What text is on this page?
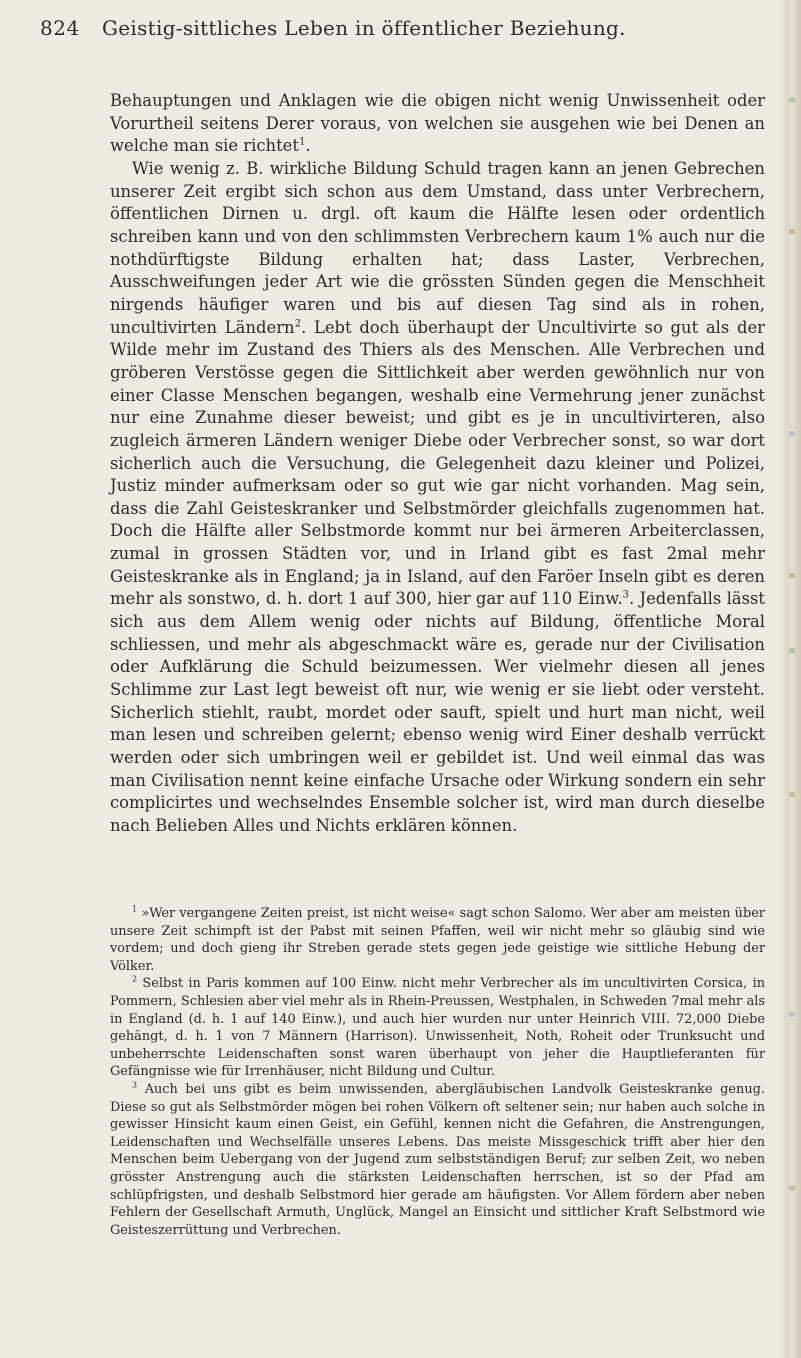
824 Geistig-sittliches Leben in öffentlicher Beziehung.

Behauptungen und Anklagen wie die obigen nicht wenig Unwissenheit oder Vorurtheil seitens Derer voraus, von welchen sie ausgehen wie bei Denen an welche man sie richtet$^1$.

Wie wenig z. B. wirkliche Bildung Schuld tragen kann an jenen Gebrechen unserer Zeit ergibt sich schon aus dem Umstand, dass unter Verbrechern, öffentlichen Dirnen u. drgl. oft kaum die Hälfte lesen oder ordentlich schreiben kann und von den schlimmsten Verbrechern kaum 1% auch nur die nothdürftigste Bildung erhalten hat; dass Laster, Verbrechen, Ausschweifungen jeder Art wie die grössten Sünden gegen die Menschheit nirgends häufiger waren und bis auf diesen Tag sind als in rohen, uncultivirten Ländern$^2$. Lebt doch überhaupt der Uncultivirte so gut als der Wilde mehr im Zustand des Thiers als des Menschen. Alle Verbrechen und gröberen Verstösse gegen die Sittlichkeit aber werden gewöhnlich nur von einer Classe Menschen begangen, weshalb eine Vermehrung jener zunächst nur eine Zunahme dieser beweist; und gibt es je in uncultivirteren, also zugleich ärmeren Ländern weniger Diebe oder Verbrecher sonst, so war dort sicherlich auch die Versuchung, die Gelegenheit dazu kleiner und Polizei, Justiz minder aufmerksam oder so gut wie gar nicht vorhanden. Mag sein, dass die Zahl Geisteskranker und Selbstmörder gleichfalls zugenommen hat. Doch die Hälfte aller Selbstmorde kommt nur bei ärmeren Arbeiterclassen, zumal in grossen Städten vor, und in Irland gibt es fast 2mal mehr Geisteskranke als in England; ja in Island, auf den Faröer Inseln gibt es deren mehr als sonstwo, d. h. dort 1 auf 300, hier gar auf 110 Einw.$^3$. Jedenfalls lässt sich aus dem Allem wenig oder nichts auf Bildung, öffentliche Moral schliessen, und mehr als abgeschmackt wäre es, gerade nur der Civilisation oder Aufklärung die Schuld beizumessen. Wer vielmehr diesen all jenes Schlimme zur Last legt beweist oft nur, wie wenig er sie liebt oder versteht. Sicherlich stiehlt, raubt, mordet oder sauft, spielt und hurt man nicht, weil man lesen und schreiben gelernt; ebenso wenig wird Einer deshalb verrückt werden oder sich umbringen weil er gebildet ist. Und weil einmal das was man Civilisation nennt keine einfache Ursache oder Wirkung sondern ein sehr complicirtes und wechselndes Ensemble solcher ist, wird man durch dieselbe nach Belieben Alles und Nichts erklären können.

$^1$ »Wer vergangene Zeiten preist, ist nicht weise« sagt schon Salomo. Wer aber am meisten über unsere Zeit schimpft ist der Pabst mit seinen Pfaffen, weil wir nicht mehr so gläubig sind wie vordem; und doch gieng ihr Streben gerade stets gegen jede geistige wie sittliche Hebung der Völker.

$^2$ Selbst in Paris kommen auf 100 Einw. nicht mehr Verbrecher als im uncultivirten Corsica, in Pommern, Schlesien aber viel mehr als in Rhein-Preussen, Westphalen, in Schweden 7mal mehr als in England (d. h. 1 auf 140 Einw.), und auch hier wurden nur unter Heinrich VIII. 72,000 Diebe gehängt, d. h. 1 von 7 Männern (Harrison). Unwissenheit, Noth, Roheit oder Trunksucht und unbeherrschte Leidenschaften sonst waren überhaupt von jeher die Hauptlieferanten für Gefängnisse wie für Irrenhäuser, nicht Bildung und Cultur.

$^3$ Auch bei uns gibt es beim unwissenden, abergläubischen Landvolk Geisteskranke genug. Diese so gut als Selbstmörder mögen bei rohen Völkern oft seltener sein; nur haben auch solche in gewisser Hinsicht kaum einen Geist, ein Gefühl, kennen nicht die Gefahren, die Anstrengungen, Leidenschaften und Wechselfälle unseres Lebens. Das meiste Missgeschick trifft aber hier den Menschen beim Uebergang von der Jugend zum selbstständigen Beruf; zur selben Zeit, wo neben grösster Anstrengung auch die stärksten Leidenschaften herrschen, ist so der Pfad am schlüpfrigsten, und deshalb Selbstmord hier gerade am häufigsten. Vor Allem fördern aber neben Fehlern der Gesellschaft Armuth, Unglück, Mangel an Einsicht und sittlicher Kraft Selbstmord wie Geisteszerrüttung und Verbrechen.
